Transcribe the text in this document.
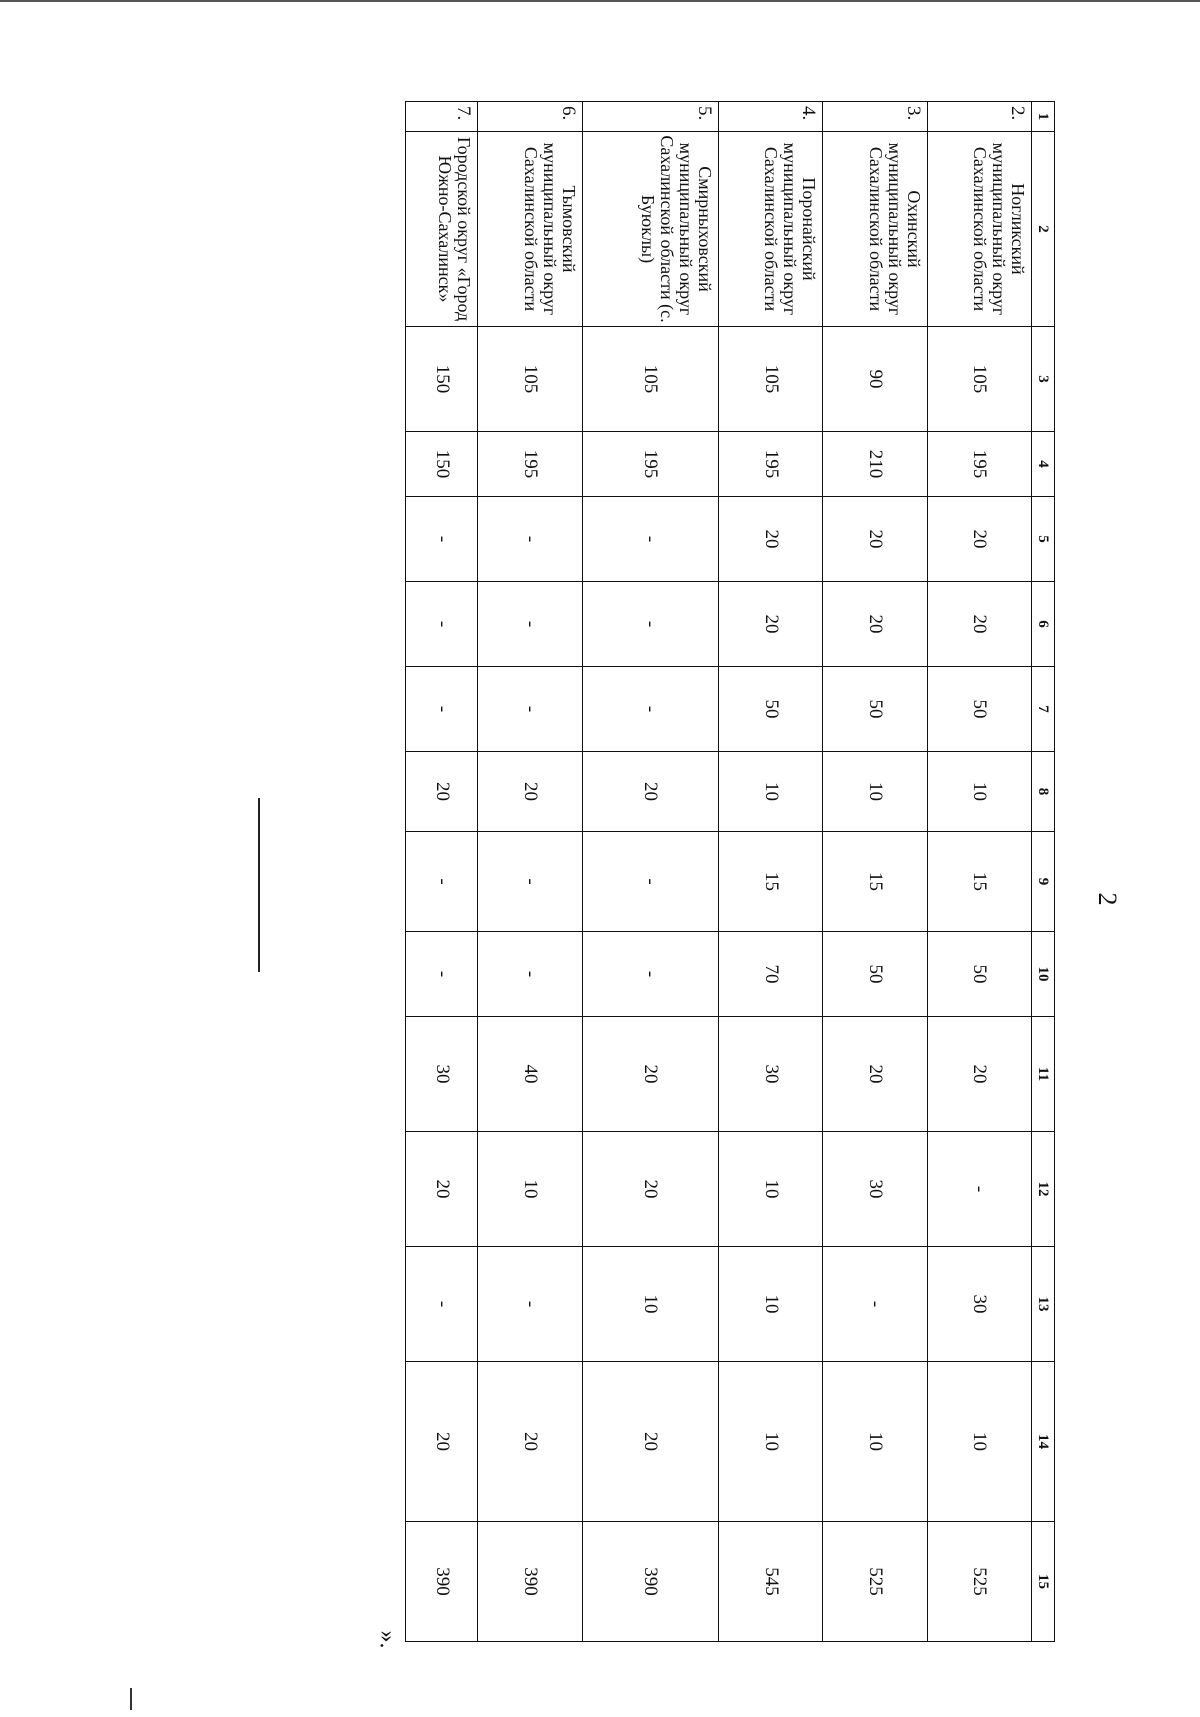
2
».
1	2	3	4	5	6	7	8	9	10	11	12	13	14	15
2.	Ногликский муниципальный округ Сахалинской области	105	195	20	20	50	10	15	50	20	-	30	10	525
3.	Охинский муниципальный округ Сахалинской области	90	210	20	20	50	10	15	50	20	30	-	10	525
4.	Поронайский муниципальный округ Сахалинской области	105	195	20	20	50	10	15	70	30	10	10	10	545
5.	Смирныховский муниципальный округ Сахалинской области (с. Буюклы)	105	195	-	-	-	20	-	-	20	20	10	20	390
6.	Тымовский муниципальный округ Сахалинской области	105	195	-	-	-	20	-	-	40	10	-	20	390
7.	Городской округ «Город Южно-Сахалинск»	150	150	-	-	-	20	-	-	30	20	-	20	390
